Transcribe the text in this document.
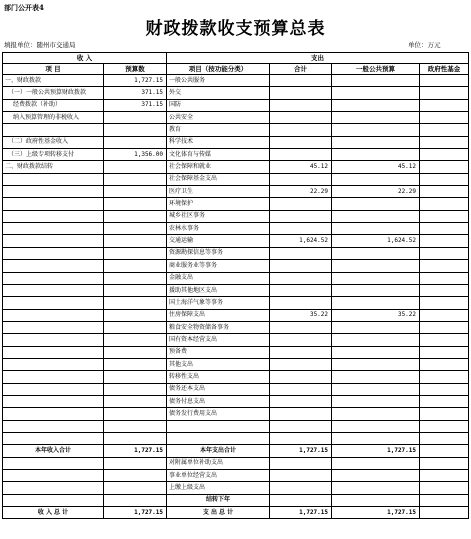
部门公开表4
财政拨款收支预算总表
填报单位：随州市交通局	单位：万元
收 入		支出			
项 目	预算数	项目（按功能分类）	合计	一般公共预算	政府性基金
一、财政拨款	1,727.15	一般公共服务			
（一）一般公共预算财政拨款	371.15	外交			
经费拨款（补助）	371.15	国防			
纳入预算管理的非税收入		公共安全			
		教育			
（二）政府性基金收入		科学技术			
（三）上级专项转移支付	1,356.00	文化体育与传媒			
二、财政拨款结转		社会保障和就业	45.12	45.12	
		社会保障基金支出			
		医疗卫生	22.29	22.29	
		环境保护			
		城乡社区事务			
		农林水事务			
		交通运输	1,624.52	1,624.52	
		资源勘探信息等事务			
		商业服务业等事务			
		金融支出			
		援助其他地区支出			
		国土海洋气象等事务			
		住房保障支出	35.22	35.22	
		粮食安全物资储备事务			
		国有资本经营支出			
		预备费			
		其他支出			
		转移性支出			
		债务还本支出			
		债务付息支出			
		债务发行费用支出			

本年收入合计	1,727.15	本年支出合计	1,727.15	1,727.15	
		对附属单位补助支出			
		事业单位经营支出			
		上缴上级支出			
		结转下年			
收 入 总 计	1,727.15	支 出 总 计	1,727.15	1,727.15	
